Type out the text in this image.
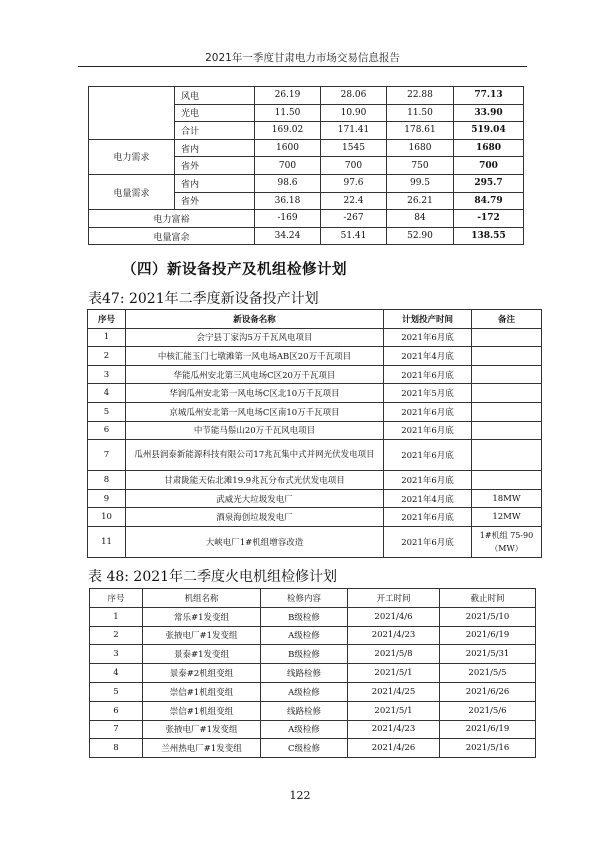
2021年一季度甘肃电力市场交易信息报告
	风电	26.19	28.06	22.88	77.13
	光电	11.50	10.90	11.50	33.90
	合计	169.02	171.41	178.61	519.04
电力需求	省内	1600	1545	1680	1680
	省外	700	700	750	700
电量需求	省内	98.6	97.6	99.5	295.7
	省外	36.18	22.4	26.21	84.79
电力富裕		-169	-267	84	-172
电量富余		34.24	51.41	52.90	138.55
（四）新设备投产及机组检修计划
表47: 2021年二季度新设备投产计划
序号	新设备名称	计划投产时间	备注
1	会宁县丁家沟5万千瓦风电项目	2021年6月底	
2	中核汇能玉门七墩滩第一风电场AB区20万千瓦项目	2021年4月底	
3	华能瓜州安北第三风电场C区20万千瓦项目	2021年6月底	
4	华润瓜州安北第一风电场C区北10万千瓦项目	2021年5月底	
5	京城瓜州安北第一风电场C区南10万千瓦项目	2021年6月底	
6	中节能马鬃山20万千瓦风电项目	2021年6月底	
7	瓜州县润泰新能源科技有限公司17兆瓦集中式并网光伏发电项目	2021年6月底	
8	甘肃陇能天佑北滩19.9兆瓦分布式光伏发电项目	2021年6月底	
9	武威光大垃圾发电厂	2021年4月底	18MW
10	酒泉海创垃圾发电厂	2021年6月底	12MW
11	大峡电厂1#机组增容改造	2021年6月底	1#机组 75-90（MW）
表 48: 2021年二季度火电机组检修计划
序号	机组名称	检修内容	开工时间	截止时间
1	常乐#1发变组	B级检修	2021/4/6	2021/5/10
2	张掖电厂#1发变组	A级检修	2021/4/23	2021/6/19
3	景泰#1发变组	B级检修	2021/5/8	2021/5/31
4	景泰#2机组变组	线路检修	2021/5/1	2021/5/5
5	崇信#1机组变组	A级检修	2021/4/25	2021/6/26
6	崇信#1机组变组	线路检修	2021/5/1	2021/5/6
7	张掖电厂#1发变组	A级检修	2021/4/23	2021/6/19
8	兰州热电厂#1发变组	C级检修	2021/4/26	2021/5/16
122
